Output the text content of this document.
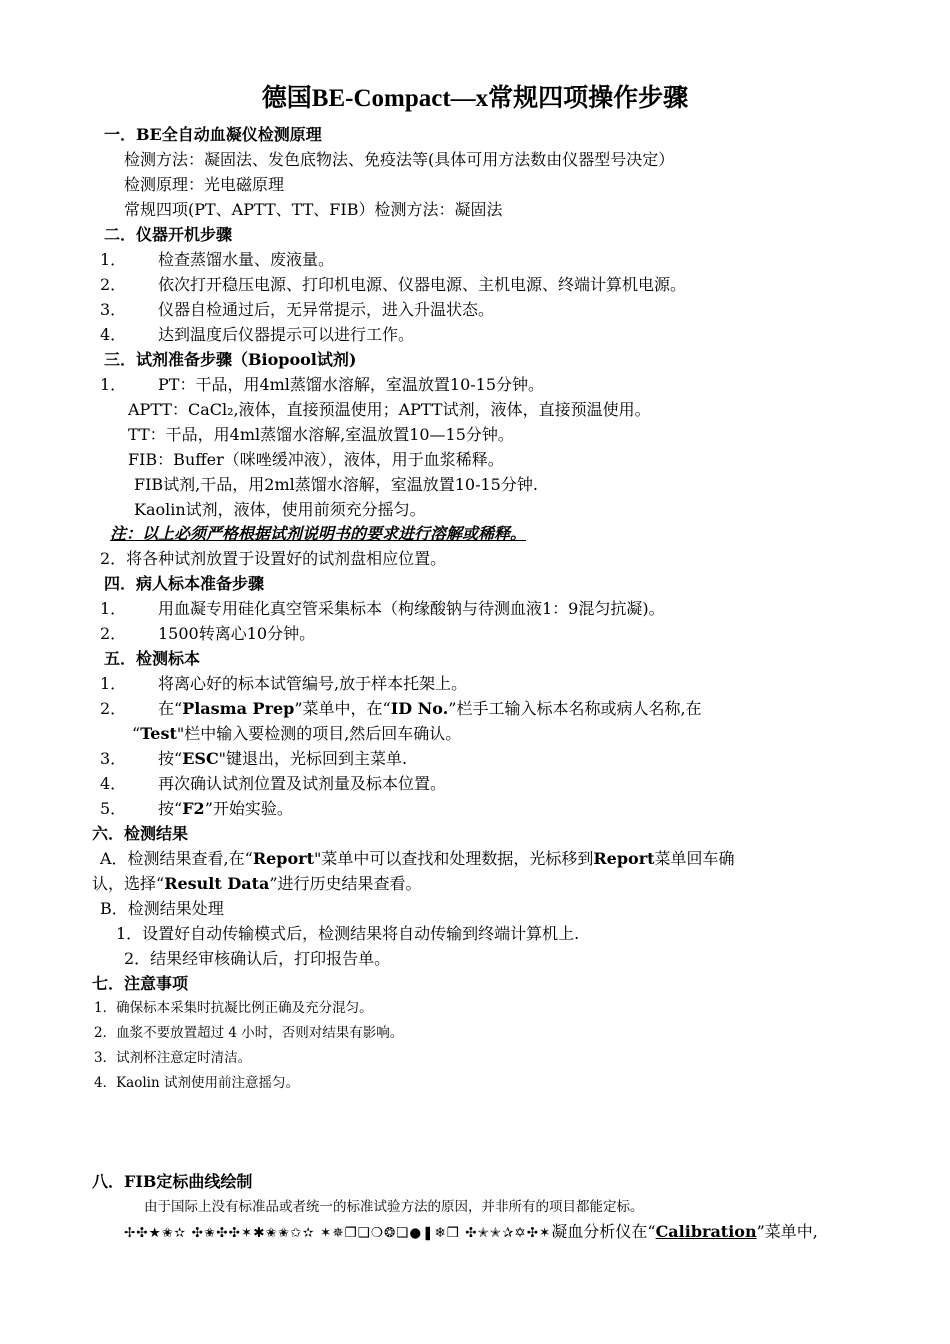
德国BE-Compact—x常规四项操作步骤
一．BE全自动血凝仪检测原理
检测方法：凝固法、发色底物法、免疫法等(具体可用方法数由仪器型号决定）
检测原理：光电磁原理
常规四项(PT、APTT、TT、FIB）检测方法：凝固法
二．仪器开机步骤
1． 检查蒸馏水量、废液量。
2． 依次打开稳压电源、打印机电源、仪器电源、主机电源、终端计算机电源。
3． 仪器自检通过后，无异常提示，进入升温状态。
4． 达到温度后仪器提示可以进行工作。
三．试剂准备步骤（Biopool试剂)
1． PT：干品，用4ml蒸馏水溶解，室温放置10-15分钟。
APTT：CaCl₂,液体，直接预温使用；APTT试剂，液体，直接预温使用。
TT：干品，用4ml蒸馏水溶解,室温放置10—15分钟。
FIB：Buffer（咪唑缓冲液），液体，用于血浆稀释。
FIB试剂,干品，用2ml蒸馏水溶解，室温放置10-15分钟.
Kaolin试剂，液体，使用前须充分摇匀。
注：以上必须严格根据试剂说明书的要求进行溶解或稀释。
2．将各种试剂放置于设置好的试剂盘相应位置。
四．病人标本准备步骤
1． 用血凝专用硅化真空管采集标本（枸缘酸钠与待测血液1：9混匀抗凝)。
2． 1500转离心10分钟。
五．检测标本
1． 将离心好的标本试管编号,放于样本托架上。
2． 在“Plasma Prep”菜单中，在“ID No.”栏手工输入标本名称或病人名称,在
“Test"栏中输入要检测的项目,然后回车确认。
3． 按“ESC"键退出，光标回到主菜单.
4． 再次确认试剂位置及试剂量及标本位置。
5． 按“F2”开始实验。
六．检测结果
A．检测结果查看,在“Report"菜单中可以查找和处理数据，光标移到Report菜单回车确
认，选择“Result Data”进行历史结果查看。
B．检测结果处理
1．设置好自动传输模式后，检测结果将自动传输到终端计算机上.
2．结果经审核确认后，打印报告单。
七．注意事项
1．确保标本采集时抗凝比例正确及充分混匀。
2．血浆不要放置超过 4 小时，否则对结果有影响。
3．试剂杯注意定时清洁。
4．Kaolin 试剂使用前注意摇匀。
八．FIB定标曲线绘制
由于国际上没有标准品或者统一的标准试验方法的原因，并非所有的项目都能定标。
✢✣★✬✫ ✣✬✣✣✶✱✬✬✩✫ ✶✵❐❑❍❂❑●❚❄❒ ✣✭✭✰✡✣✶凝血分析仪在“Calibration”菜单中,
